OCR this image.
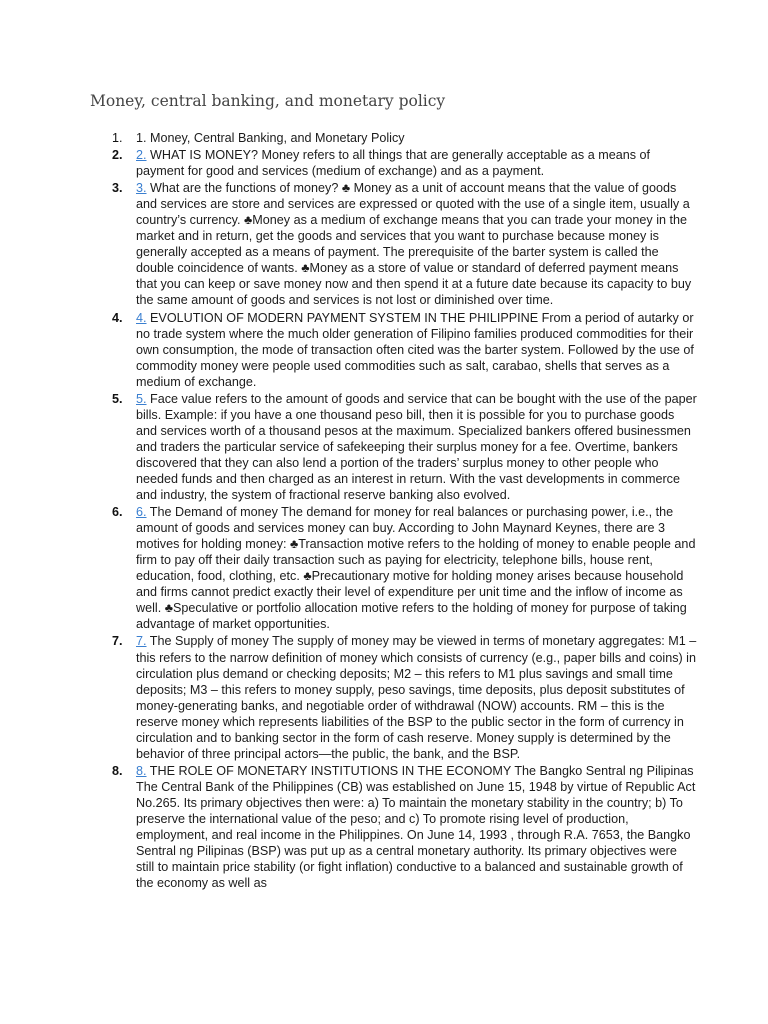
Money, central banking, and monetary policy
1. 1. Money, Central Banking, and Monetary Policy
2. 2. WHAT IS MONEY? Money refers to all things that are generally acceptable as a means of payment for good and services (medium of exchange) and as a payment.
3. 3. What are the functions of money? ♣ Money as a unit of account means that the value of goods and services are store and services are expressed or quoted with the use of a single item, usually a country’s currency. ♣Money as a medium of exchange means that you can trade your money in the market and in return, get the goods and services that you want to purchase because money is generally accepted as a means of payment. The prerequisite of the barter system is called the double coincidence of wants. ♣Money as a store of value or standard of deferred payment means that you can keep or save money now and then spend it at a future date because its capacity to buy the same amount of goods and services is not lost or diminished over time.
4. 4. EVOLUTION OF MODERN PAYMENT SYSTEM IN THE PHILIPPINE From a period of autarky or no trade system where the much older generation of Filipino families produced commodities for their own consumption, the mode of transaction often cited was the barter system. Followed by the use of commodity money were people used commodities such as salt, carabao, shells that serves as a medium of exchange.
5. 5. Face value refers to the amount of goods and service that can be bought with the use of the paper bills. Example: if you have a one thousand peso bill, then it is possible for you to purchase goods and services worth of a thousand pesos at the maximum. Specialized bankers offered businessmen and traders the particular service of safekeeping their surplus money for a fee. Overtime, bankers discovered that they can also lend a portion of the traders’ surplus money to other people who needed funds and then charged as an interest in return. With the vast developments in commerce and industry, the system of fractional reserve banking also evolved.
6. 6. The Demand of money The demand for money for real balances or purchasing power, i.e., the amount of goods and services money can buy. According to John Maynard Keynes, there are 3 motives for holding money: ♣Transaction motive refers to the holding of money to enable people and firm to pay off their daily transaction such as paying for electricity, telephone bills, house rent, education, food, clothing, etc. ♣Precautionary motive for holding money arises because household and firms cannot predict exactly their level of expenditure per unit time and the inflow of income as well. ♣Speculative or portfolio allocation motive refers to the holding of money for purpose of taking advantage of market opportunities.
7. 7. The Supply of money The supply of money may be viewed in terms of monetary aggregates: M1 – this refers to the narrow definition of money which consists of currency (e.g., paper bills and coins) in circulation plus demand or checking deposits; M2 – this refers to M1 plus savings and small time deposits; M3 – this refers to money supply, peso savings, time deposits, plus deposit substitutes of money-generating banks, and negotiable order of withdrawal (NOW) accounts. RM – this is the reserve money which represents liabilities of the BSP to the public sector in the form of currency in circulation and to banking sector in the form of cash reserve. Money supply is determined by the behavior of three principal actors—the public, the bank, and the BSP.
8. 8. THE ROLE OF MONETARY INSTITUTIONS IN THE ECONOMY The Bangko Sentral ng Pilipinas The Central Bank of the Philippines (CB) was established on June 15, 1948 by virtue of Republic Act No.265. Its primary objectives then were: a) To maintain the monetary stability in the country; b) To preserve the international value of the peso; and c) To promote rising level of production, employment, and real income in the Philippines. On June 14, 1993 , through R.A. 7653, the Bangko Sentral ng Pilipinas (BSP) was put up as a central monetary authority. Its primary objectives were still to maintain price stability (or fight inflation) conductive to a balanced and sustainable growth of the economy as well as
